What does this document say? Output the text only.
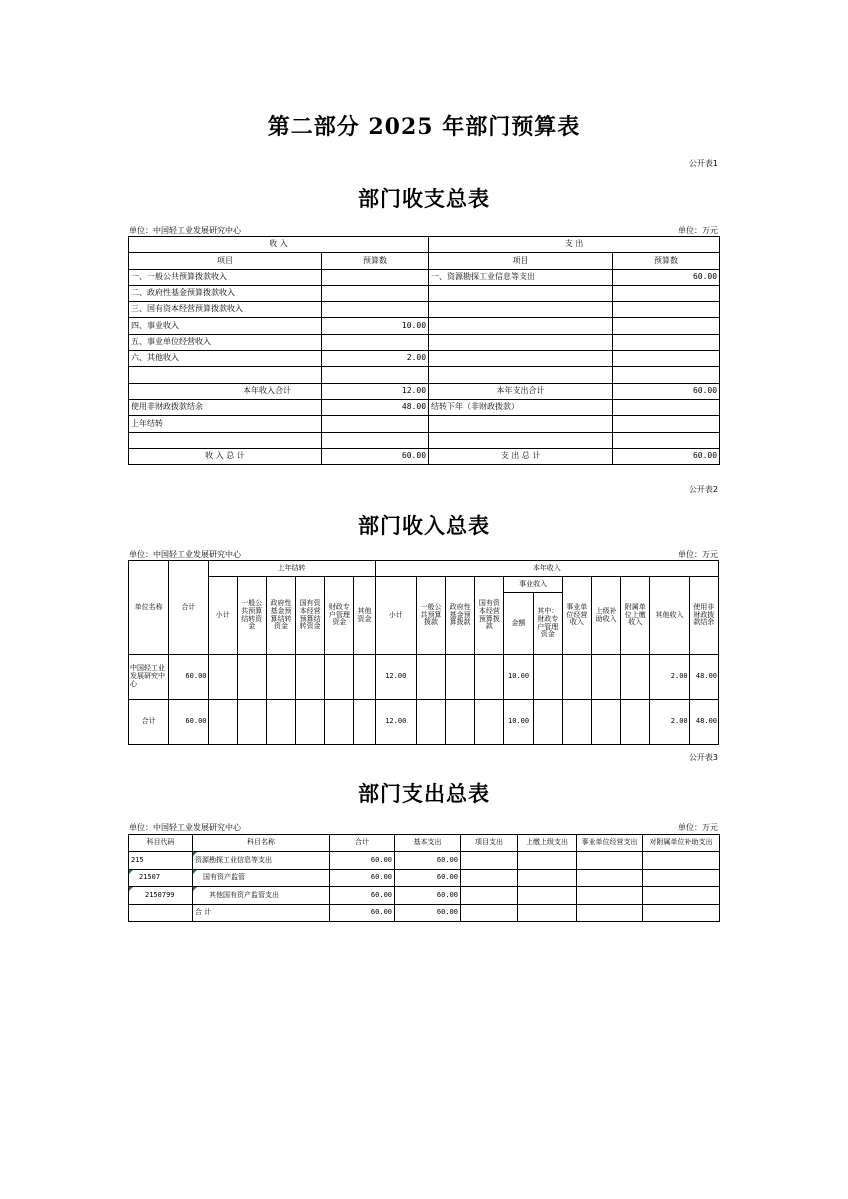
第二部分 2025 年部门预算表
公开表1
部门收支总表
单位：中国轻工业发展研究中心	单位：万元
收 入		支 出	
项目	预算数	项目	预算数
一、一般公共预算拨款收入		一、资源勘探工业信息等支出	60.00
二、政府性基金预算拨款收入			
三、国有资本经营预算拨款收入			
四、事业收入	10.00		
五、事业单位经营收入			
六、其他收入	2.00		

本年收入合计	12.00	本年支出合计	60.00
使用非财政拨款结余	48.00	结转下年（非财政拨款）	
上年结转			

收 入 总 计	60.00	支 出 总 计	60.00
公开表2
部门收入总表
单位：中国轻工业发展研究中心	单位：万元
单位名称	合计	上年结转						本年收入										
		小计	一般公共预算结转资金	政府性基金预算结转资金	国有资本经营预算结转资金	财政专户管理资金	其他资金	小计	一般公共预算拨款	政府性基金预算拨款	国有资本经营预算拨款	事业收入		事业单位经营收入	上级补助收入	附属单位上缴收入	其他收入	使用非财政拨款结余
												金额	其中：财政专户管理资金					
中国轻工业发展研究中心	60.00							12.00				10.00					2.00	48.00
合计	60.00							12.00				10.00					2.00	48.00
公开表3
部门支出总表
单位：中国轻工业发展研究中心	单位：万元
科目代码	科目名称	合计	基本支出	项目支出	上缴上级支出	事业单位经营支出	对附属单位补助支出
215	资源勘探工业信息等支出	60.00	60.00				
21507	国有资产监管	60.00	60.00				
2150799	其他国有资产监管支出	60.00	60.00				
	合 计	60.00	60.00				
